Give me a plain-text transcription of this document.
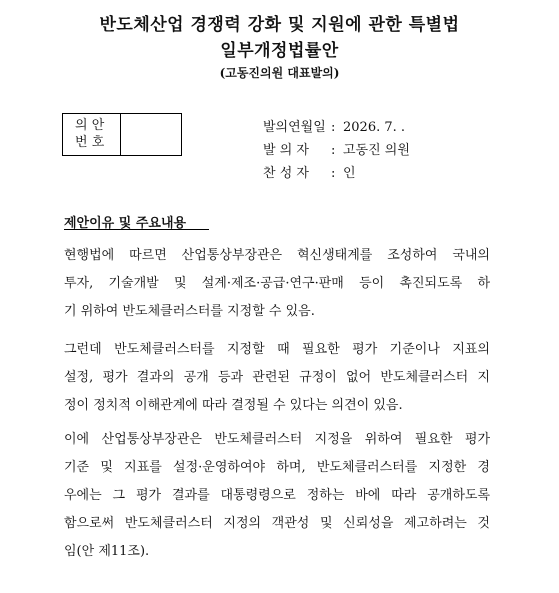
반도체산업 경쟁력 강화 및 지원에 관한 특별법
일부개정법률안
(고동진의원 대표발의)
의 안
번 호
발의연월일 : 2026. 7. .
발 의 자 : 고동진 의원
찬 성 자 : 인
제안이유 및 주요내용
현행법에 따르면 산업통상부장관은 혁신생태계를 조성하여 국내의
투자, 기술개발 및 설계·제조·공급·연구·판매 등이 촉진되도록 하
기 위하여 반도체클러스터를 지정할 수 있음.
그런데 반도체클러스터를 지정할 때 필요한 평가 기준이나 지표의
설정, 평가 결과의 공개 등과 관련된 규정이 없어 반도체클러스터 지
정이 정치적 이해관계에 따라 결정될 수 있다는 의견이 있음.
이에 산업통상부장관은 반도체클러스터 지정을 위하여 필요한 평가
기준 및 지표를 설정·운영하여야 하며, 반도체클러스터를 지정한 경
우에는 그 평가 결과를 대통령령으로 정하는 바에 따라 공개하도록
함으로써 반도체클러스터 지정의 객관성 및 신뢰성을 제고하려는 것
임(안 제11조).
